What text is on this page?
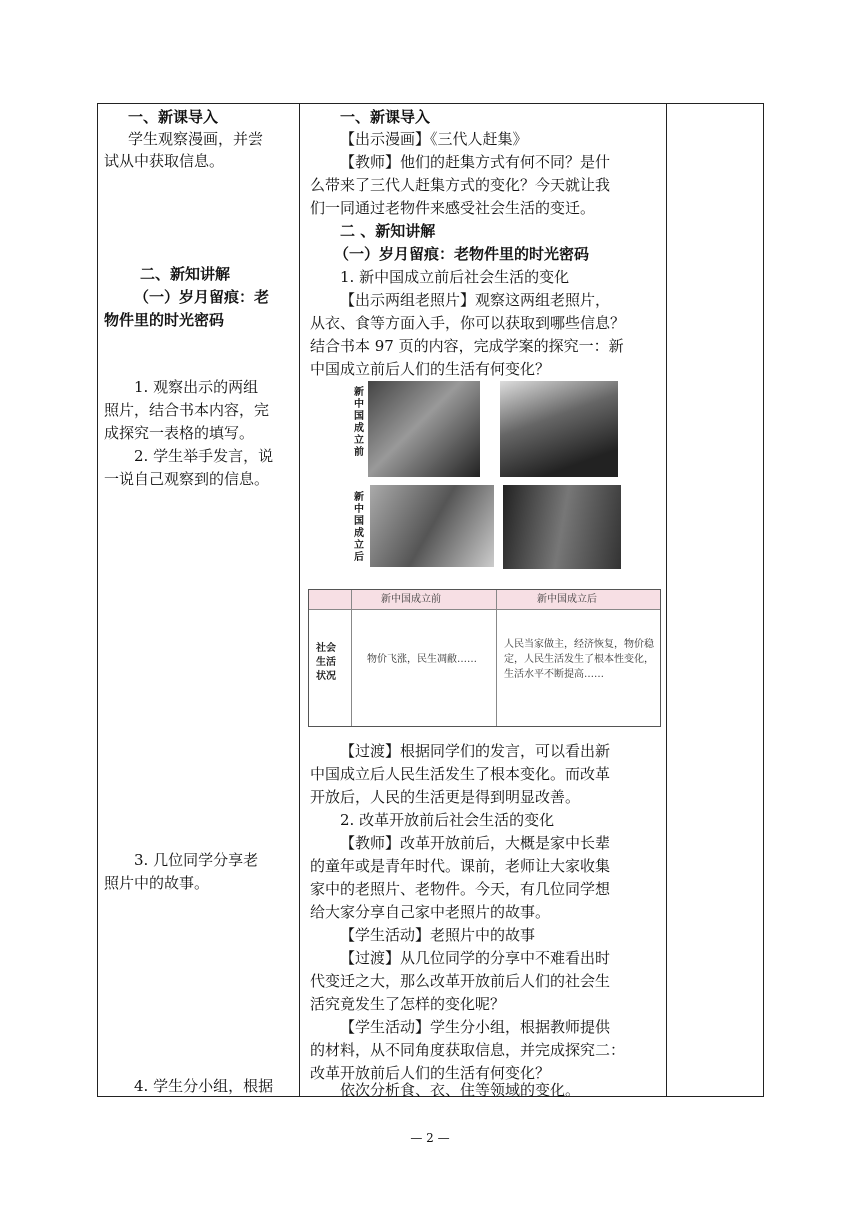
一、新课导入
学生观察漫画，并尝
试从中获取信息。
二、新知讲解
（一）岁月留痕：老
物件里的时光密码
1. 观察出示的两组
照片，结合书本内容，完
成探究一表格的填写。
2. 学生举手发言，说
一说自己观察到的信息。
3. 几位同学分享老
照片中的故事。
4. 学生分小组，根据
一、新课导入
【出示漫画】《三代人赶集》
【教师】他们的赶集方式有何不同？是什
么带来了三代人赶集方式的变化？今天就让我
们一同通过老物件来感受社会生活的变迁。
二 、新知讲解
（一）岁月留痕：老物件里的时光密码
1. 新中国成立前后社会生活的变化
【出示两组老照片】观察这两组老照片，
从衣、食等方面入手，你可以获取到哪些信息？
结合书本 97 页的内容，完成学案的探究一：新
中国成立前后人们的生活有何变化？
新中国成立前
新中国成立后
【过渡】根据同学们的发言，可以看出新
中国成立后人民生活发生了根本变化。而改革
开放后，人民的生活更是得到明显改善。
2. 改革开放前后社会生活的变化
【教师】改革开放前后，大概是家中长辈
的童年或是青年时代。课前，老师让大家收集
家中的老照片、老物件。今天，有几位同学想
给大家分享自己家中老照片的故事。
【学生活动】老照片中的故事
【过渡】从几位同学的分享中不难看出时
代变迁之大，那么改革开放前后人们的社会生
活究竟发生了怎样的变化呢？
【学生活动】学生分小组，根据教师提供
的材料，从不同角度获取信息，并完成探究二：
改革开放前后人们的生活有何变化？
依次分析食、衣、住等领域的变化。
新中国成立前	新中国成立后
社会生活状况
物价飞涨，民生凋敝……
人民当家做主，经济恢复，物价稳定，人民生活发生了根本性变化，生活水平不断提高……
— 2 —
